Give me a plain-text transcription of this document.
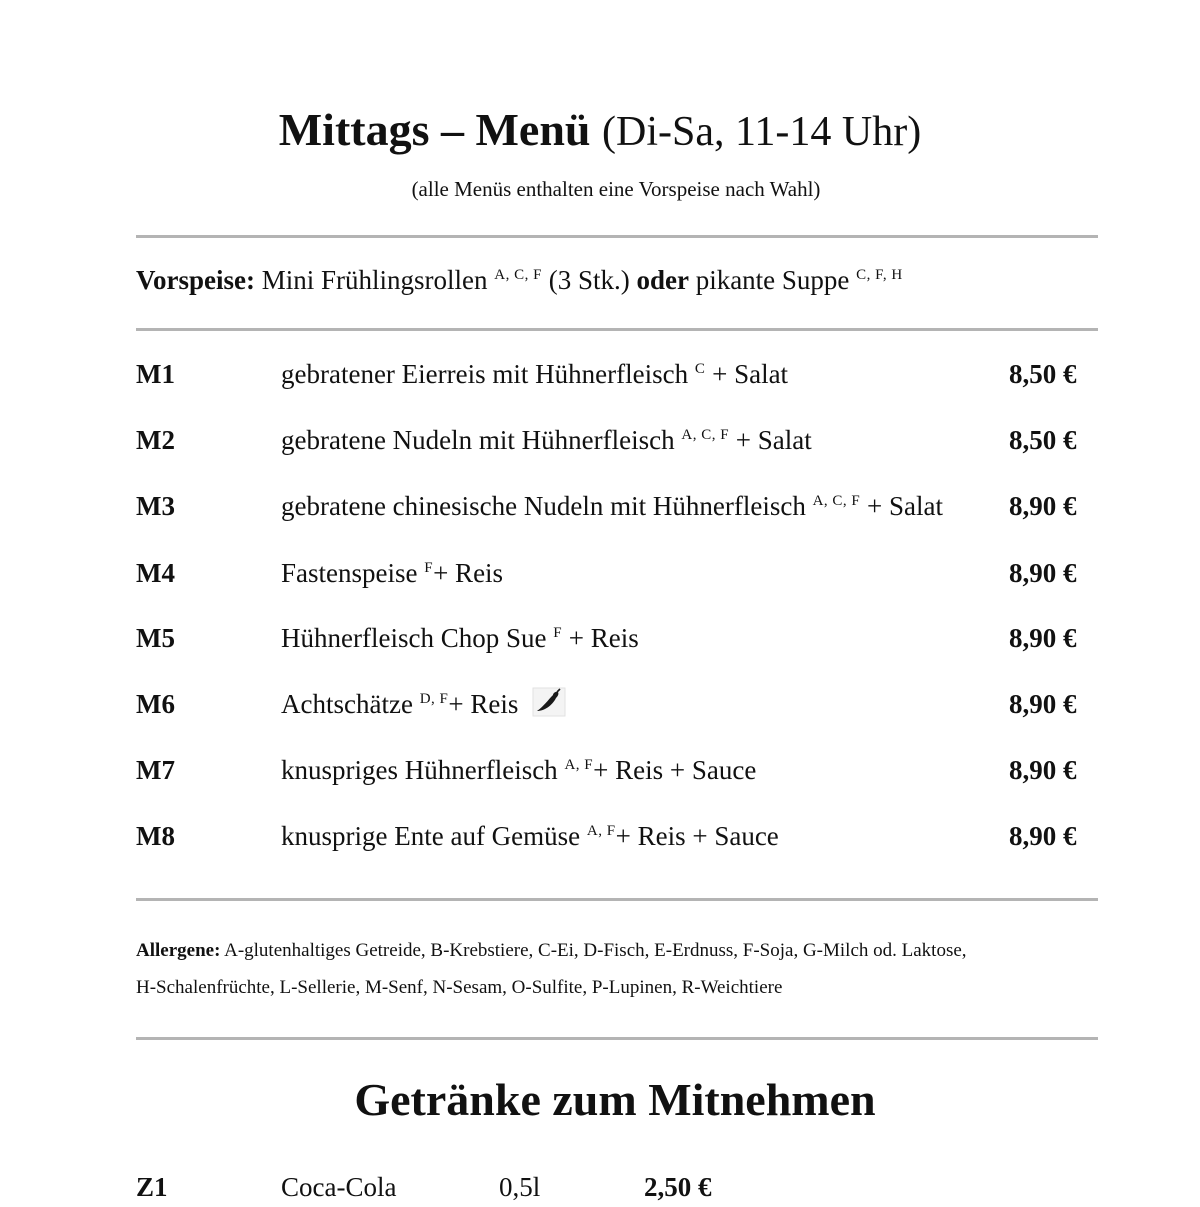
Mittags – Menü (Di-Sa, 11-14 Uhr)
(alle Menüs enthalten eine Vorspeise nach Wahl)
Vorspeise: Mini Frühlingsrollen $^{A, C, F}$ (3 Stk.) oder pikante Suppe $^{C, F, H}$
M1	gebratener Eierreis mit Hühnerfleisch $^C$ + Salat	8,50 €
M2	gebratene Nudeln mit Hühnerfleisch $^{A, C, F}$ + Salat	8,50 €
M3	gebratene chinesische Nudeln mit Hühnerfleisch $^{A, C, F}$ + Salat 8,90 €
M4	Fastenspeise $^F$+ Reis	8,90 €
M5	Hühnerfleisch Chop Sue $^F$ + Reis	8,90 €
M6	Achtschätze $^{D, F}$+ Reis	8,90 €
M7	knuspriges Hühnerfleisch $^{A, F}$+ Reis + Sauce	8,90 €
M8	knusprige Ente auf Gemüse $^{A, F}$+ Reis + Sauce	8,90 €
Allergene: A-glutenhaltiges Getreide, B-Krebstiere, C-Ei, D-Fisch, E-Erdnuss, F-Soja, G-Milch od. Laktose,
H-Schalenfrüchte, L-Sellerie, M-Senf, N-Sesam, O-Sulfite, P-Lupinen, R-Weichtiere
Getränke zum Mitnehmen
Z1	Coca-Cola	0,5l	2,50 €
